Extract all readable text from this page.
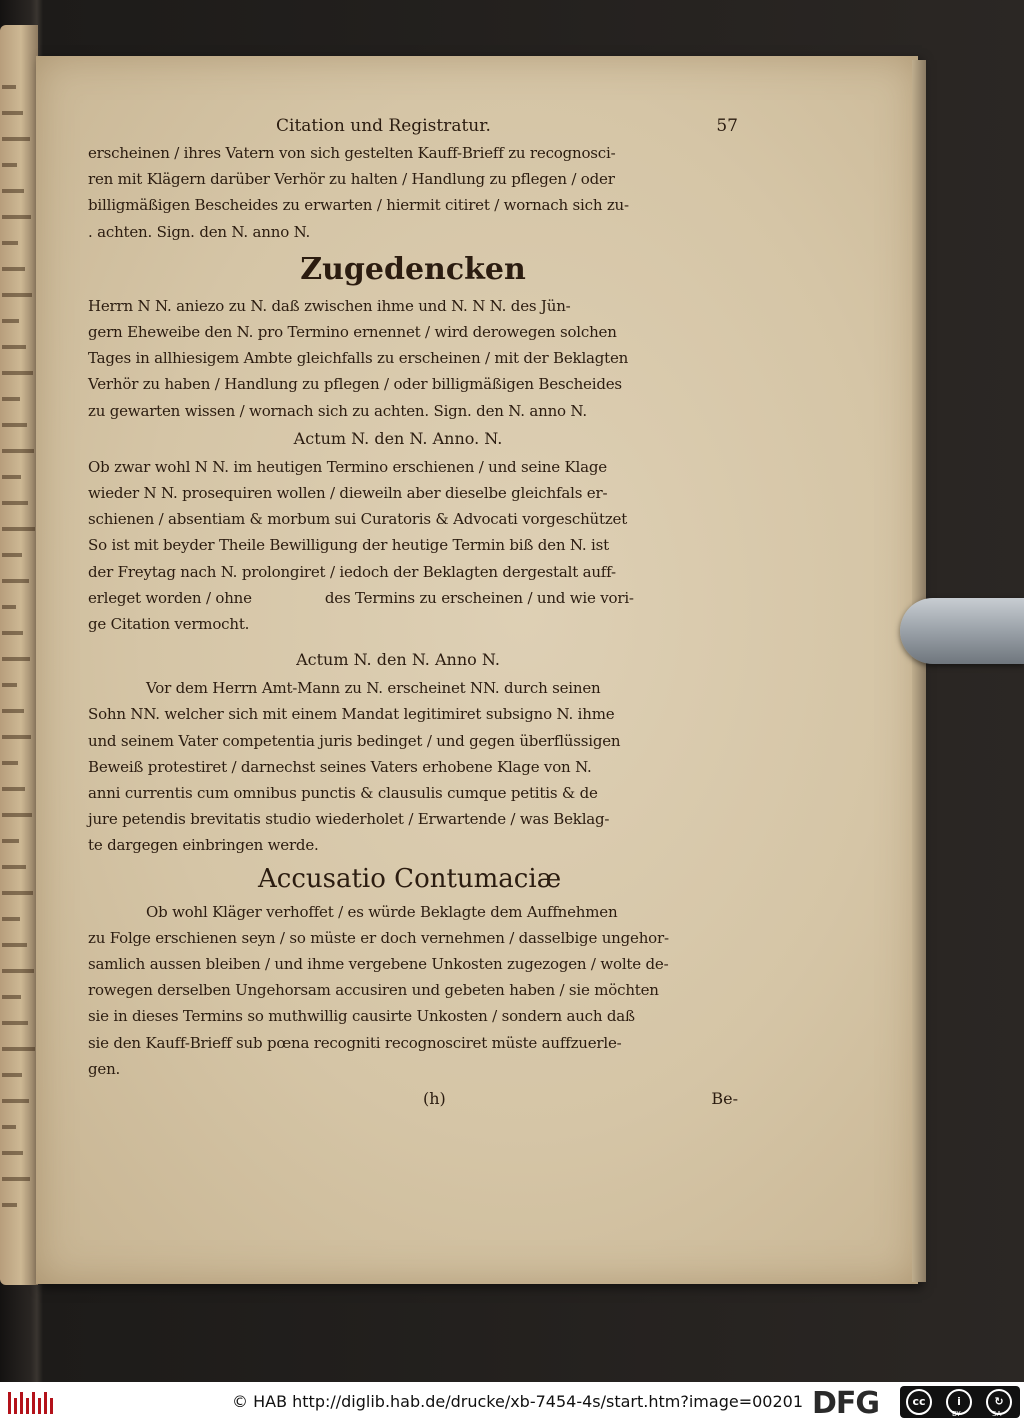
Citation und Registratur.	57
erscheinen / ihres Vatern von sich gestelten Kauff-Brieff zu recognosci-
ren mit Klägern darüber Verhör zu halten / Handlung zu pflegen / oder
billigmäßigen Bescheides zu erwarten / hiermit citiret / wornach sich zu-
. achten. Sign. den N. anno N.
Zugedencken
Herrn N N. aniezo zu N. daß zwischen ihme und N. N N. des Jün-
gern Eheweibe den N. pro Termino ernennet / wird derowegen solchen
Tages in allhiesigem Ambte gleichfalls zu erscheinen / mit der Beklagten
Verhör zu haben / Handlung zu pflegen / oder billigmäßigen Bescheides
zu gewarten wissen / wornach sich zu achten. Sign. den N. anno N.
Actum N. den N. Anno. N.
Ob zwar wohl N N. im heutigen Termino erschienen / und seine Klage
wieder N N. prosequiren wollen / dieweiln aber dieselbe gleichfals er-
schienen / absentiam & morbum sui Curatoris & Advocati vorgeschützet
So ist mit beyder Theile Bewilligung der heutige Termin biß den N. ist
der Freytag nach N. prolongiret / iedoch der Beklagten dergestalt auff-
erleget worden / ohne                des Termins zu erscheinen / und wie vori-
ge Citation vermocht.
Actum N. den N. Anno N.
Vor dem Herrn Amt-Mann zu N. erscheinet NN. durch seinen
Sohn NN. welcher sich mit einem Mandat legitimiret subsigno N. ihme
und seinem Vater competentia juris bedinget / und gegen überflüssigen
Beweiß protestiret / darnechst seines Vaters erhobene Klage von N.
anni currentis cum omnibus punctis & clausulis cumque petitis & de
jure petendis brevitatis studio wiederholet / Erwartende / was Beklag-
te dargegen einbringen werde.
Accusatio Contumaciæ
Ob wohl Kläger verhoffet / es würde Beklagte dem Auffnehmen
zu Folge erschienen seyn / so müste er doch vernehmen / dasselbige ungehor-
samlich aussen bleiben / und ihme vergebene Unkosten zugezogen / wolte de-
rowegen derselben Ungehorsam accusiren und gebeten haben / sie möchten
sie in dieses Termins so muthwillig causirte Unkosten / sondern auch daß
sie den Kauff-Brieff sub pœna recogniti recognosciret müste auffzuerle-
gen.
(h)	Be-
© HAB http://diglib.hab.de/drucke/xb-7454-4s/start.htm?image=00201 DFG	cc	i
BY
↻
SA
